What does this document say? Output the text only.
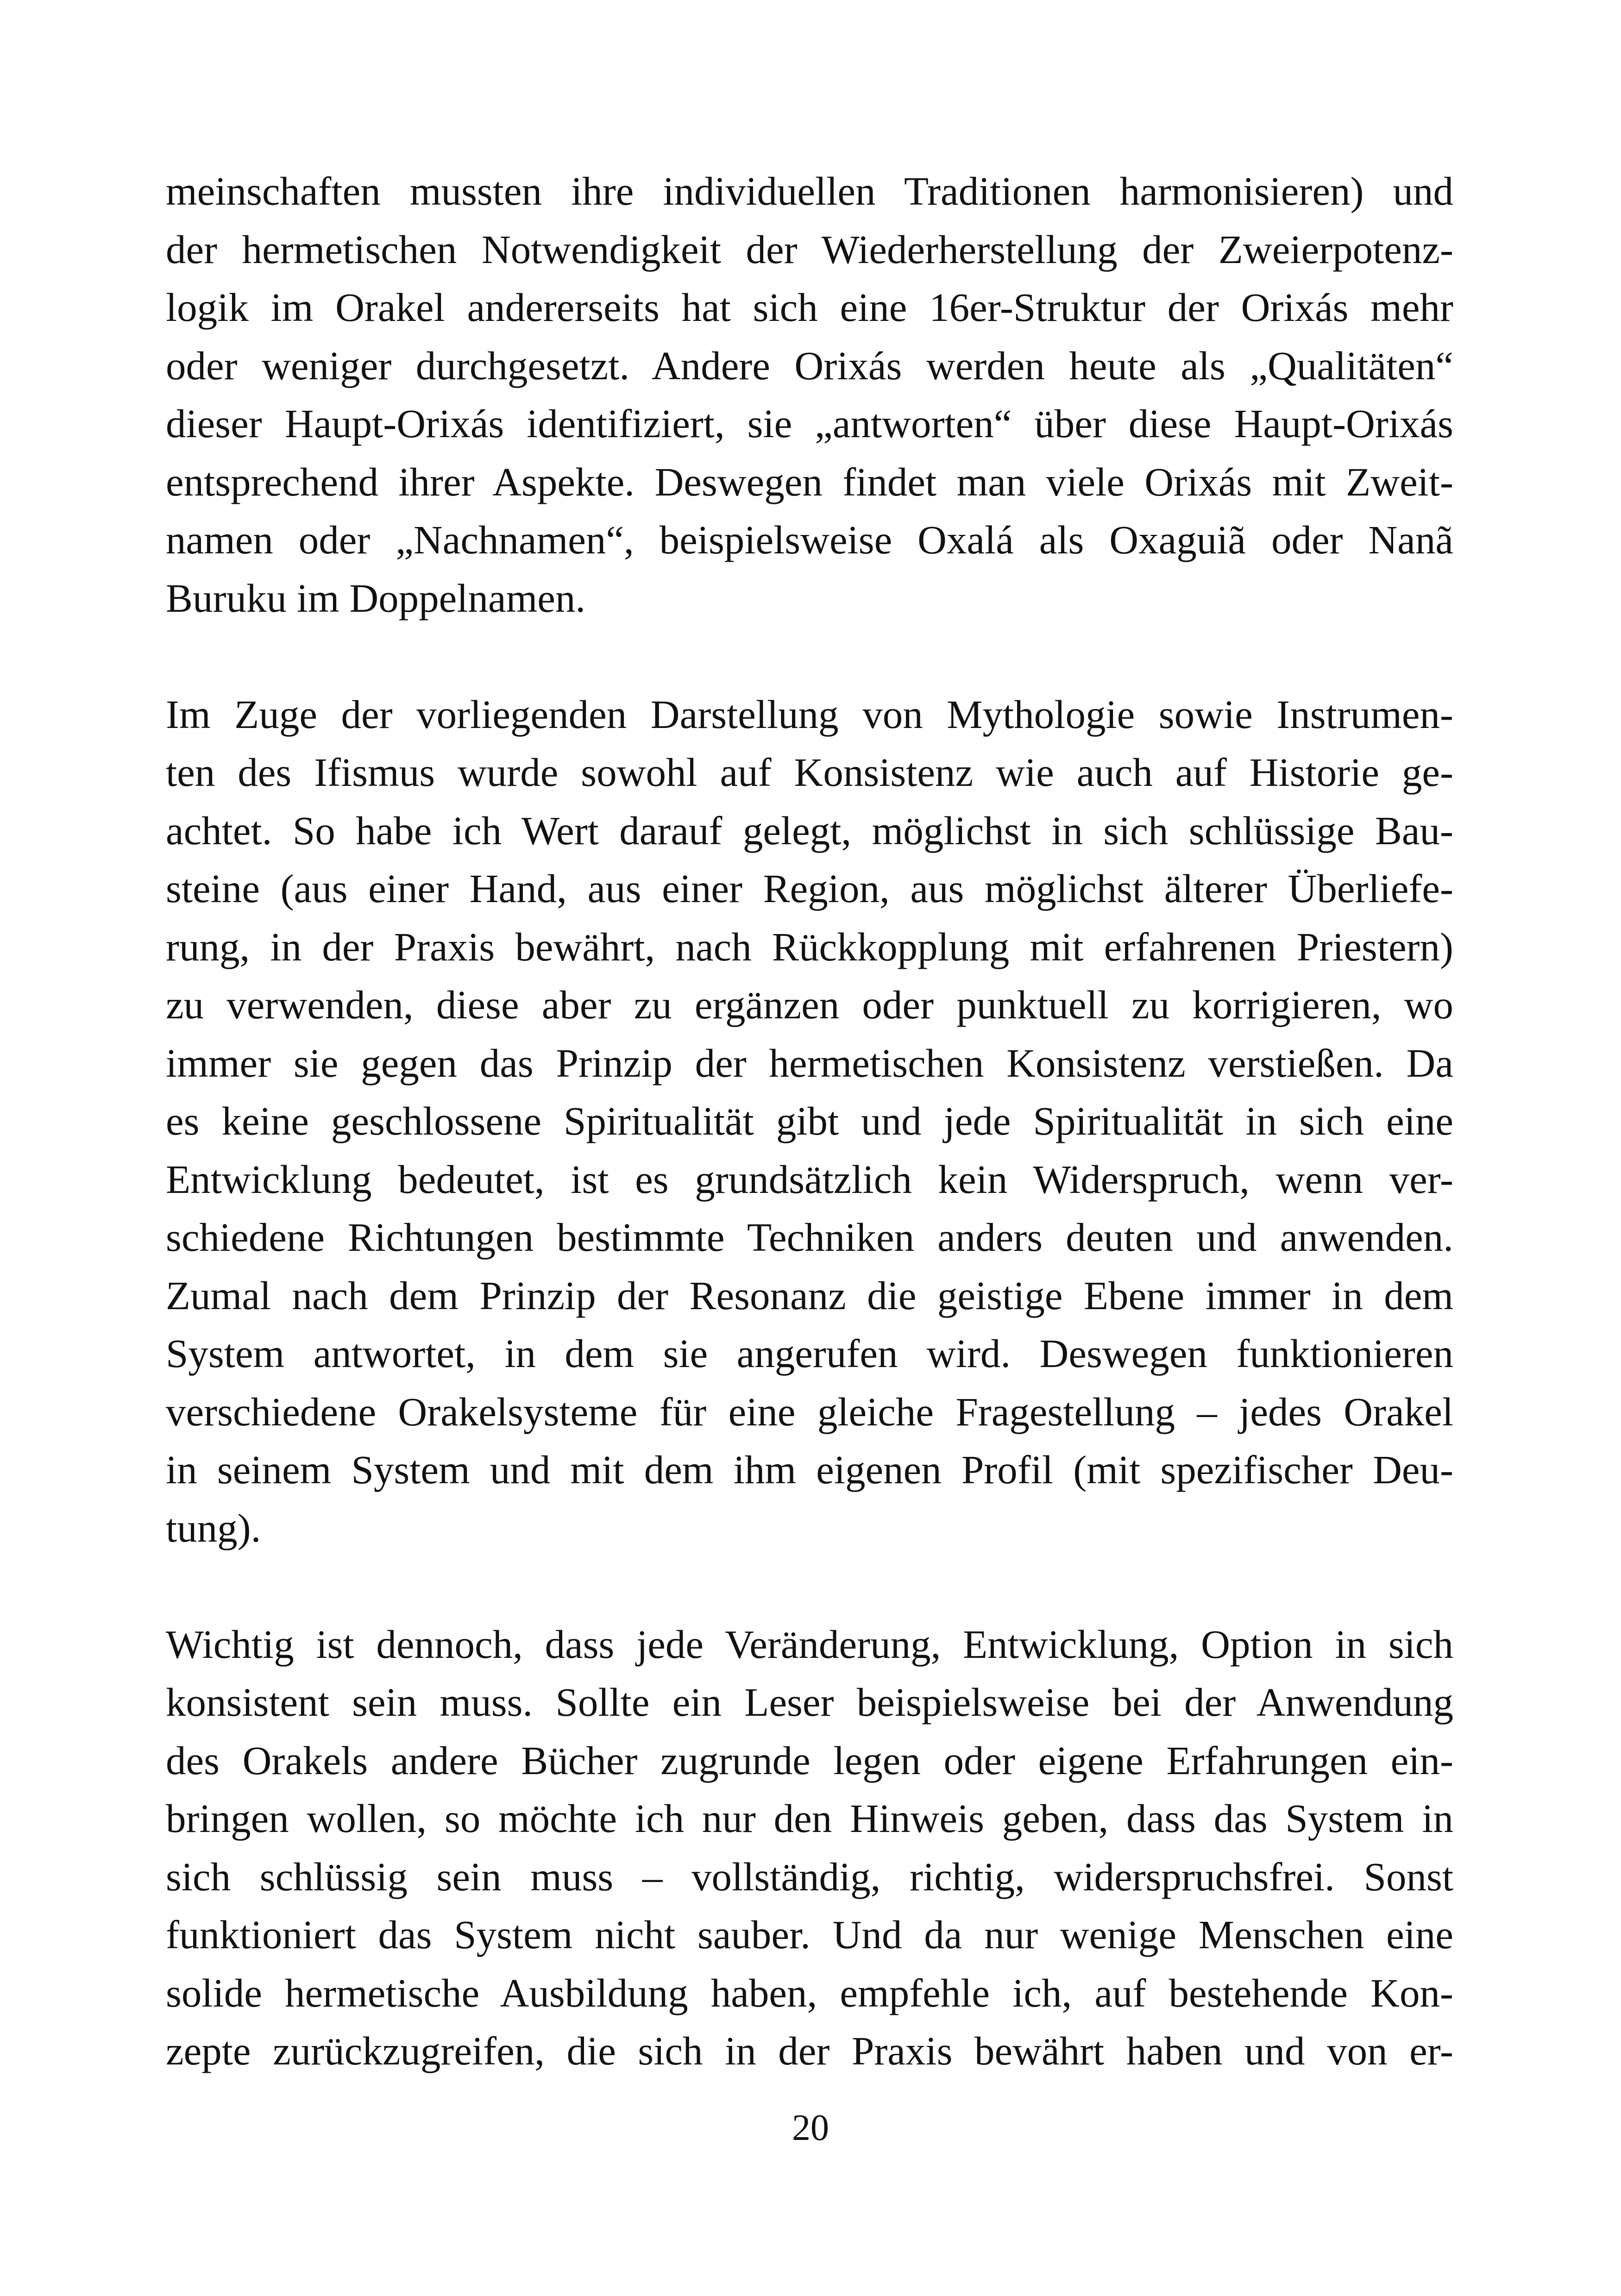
meinschaften mussten ihre individuellen Traditionen harmonisieren) und
der hermetischen Notwendigkeit der Wiederherstellung der Zweierpotenz-
logik im Orakel andererseits hat sich eine 16er-Struktur der Orixás mehr
oder weniger durchgesetzt. Andere Orixás werden heute als „Qualitäten“
dieser Haupt-Orixás identifiziert, sie „antworten“ über diese Haupt-Orixás
entsprechend ihrer Aspekte. Deswegen findet man viele Orixás mit Zweit-
namen oder „Nachnamen“, beispielsweise Oxalá als Oxaguiã oder Nanã
Buruku im Doppelnamen.
Im Zuge der vorliegenden Darstellung von Mythologie sowie Instrumen-
ten des Ifismus wurde sowohl auf Konsistenz wie auch auf Historie ge-
achtet. So habe ich Wert darauf gelegt, möglichst in sich schlüssige Bau-
steine (aus einer Hand, aus einer Region, aus möglichst älterer Überliefe-
rung, in der Praxis bewährt, nach Rückkopplung mit erfahrenen Priestern)
zu verwenden, diese aber zu ergänzen oder punktuell zu korrigieren, wo
immer sie gegen das Prinzip der hermetischen Konsistenz verstießen. Da
es keine geschlossene Spiritualität gibt und jede Spiritualität in sich eine
Entwicklung bedeutet, ist es grundsätzlich kein Widerspruch, wenn ver-
schiedene Richtungen bestimmte Techniken anders deuten und anwenden.
Zumal nach dem Prinzip der Resonanz die geistige Ebene immer in dem
System antwortet, in dem sie angerufen wird. Deswegen funktionieren
verschiedene Orakelsysteme für eine gleiche Fragestellung – jedes Orakel
in seinem System und mit dem ihm eigenen Profil (mit spezifischer Deu-
tung).
Wichtig ist dennoch, dass jede Veränderung, Entwicklung, Option in sich
konsistent sein muss. Sollte ein Leser beispielsweise bei der Anwendung
des Orakels andere Bücher zugrunde legen oder eigene Erfahrungen ein-
bringen wollen, so möchte ich nur den Hinweis geben, dass das System in
sich schlüssig sein muss – vollständig, richtig, widerspruchsfrei. Sonst
funktioniert das System nicht sauber. Und da nur wenige Menschen eine
solide hermetische Ausbildung haben, empfehle ich, auf bestehende Kon-
zepte zurückzugreifen, die sich in der Praxis bewährt haben und von er-
20
